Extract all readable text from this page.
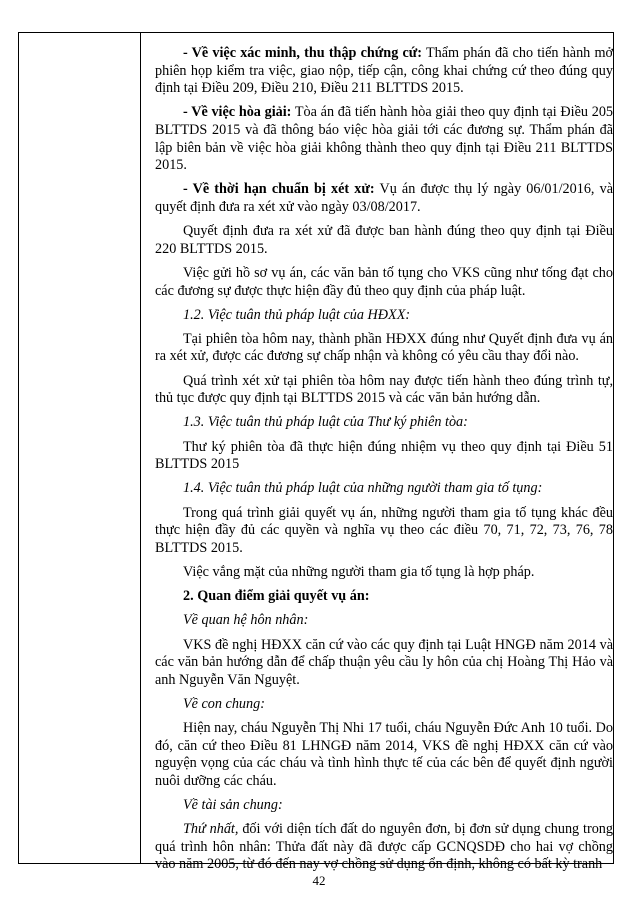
- Về việc xác minh, thu thập chứng cứ: Thẩm phán đã cho tiến hành mở phiên họp kiểm tra việc, giao nộp, tiếp cận, công khai chứng cứ theo đúng quy định tại Điều 209, Điều 210, Điều 211 BLTTDS 2015.

- Về việc hòa giải: Tòa án đã tiến hành hòa giải theo quy định tại Điều 205 BLTTDS 2015 và đã thông báo việc hòa giải tới các đương sự. Thẩm phán đã lập biên bản về việc hòa giải không thành theo quy định tại Điều 211 BLTTDS 2015.

- Về thời hạn chuẩn bị xét xử: Vụ án được thụ lý ngày 06/01/2016, và quyết định đưa ra xét xử vào ngày 03/08/2017.

Quyết định đưa ra xét xử đã được ban hành đúng theo quy định tại Điều 220 BLTTDS 2015.

Việc gửi hồ sơ vụ án, các văn bản tố tụng cho VKS cũng như tống đạt cho các đương sự được thực hiện đầy đủ theo quy định của pháp luật.

1.2. Việc tuân thủ pháp luật của HĐXX:

Tại phiên tòa hôm nay, thành phần HĐXX đúng như Quyết định đưa vụ án ra xét xử, được các đương sự chấp nhận và không có yêu cầu thay đổi nào.

Quá trình xét xử tại phiên tòa hôm nay được tiến hành theo đúng trình tự, thủ tục được quy định tại BLTTDS 2015 và các văn bản hướng dẫn.

1.3. Việc tuân thủ pháp luật của Thư ký phiên tòa:

Thư ký phiên tòa đã thực hiện đúng nhiệm vụ theo quy định tại Điều 51 BLTTDS 2015

1.4. Việc tuân thủ pháp luật của những người tham gia tố tụng:

Trong quá trình giải quyết vụ án, những người tham gia tố tụng khác đều thực hiện đầy đủ các quyền và nghĩa vụ theo các điều 70, 71, 72, 73, 76, 78 BLTTDS 2015.

Việc vắng mặt của những người tham gia tố tụng là hợp pháp.

2. Quan điểm giải quyết vụ án:

Về quan hệ hôn nhân:

VKS đề nghị HĐXX căn cứ vào các quy định tại Luật HNGĐ năm 2014 và các văn bản hướng dẫn để chấp thuận yêu cầu ly hôn của chị Hoàng Thị Hảo và anh Nguyễn Văn Nguyệt.

Về con chung:

Hiện nay, cháu Nguyễn Thị Nhi 17 tuổi, cháu Nguyễn Đức Anh 10 tuổi. Do đó, căn cứ theo Điều 81 LHNGĐ năm 2014, VKS đề nghị HĐXX căn cứ vào nguyện vọng của các cháu và tình hình thực tế của các bên để quyết định người nuôi dưỡng các cháu.

Về tài sản chung:

Thứ nhất, đối với diện tích đất do nguyên đơn, bị đơn sử dụng chung trong quá trình hôn nhân: Thửa đất này đã được cấp GCNQSDĐ cho hai vợ chồng vào năm 2005, từ đó đến nay vợ chồng sử dụng ổn định, không có bất kỳ tranh

42
